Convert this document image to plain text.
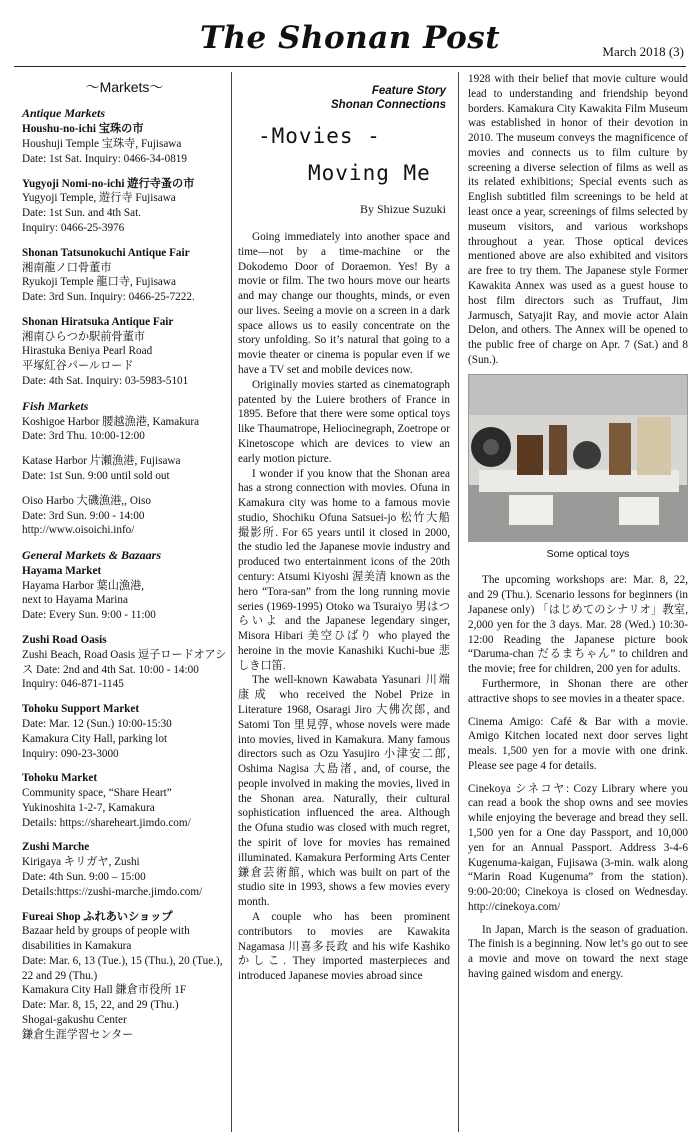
The Shonan Post	March 2018 (3)
〜Markets〜
Antique Markets
Houshu-no-ichi 宝珠の市
Houshuji Temple 宝珠寺, Fujisawa
Date: 1st Sat. Inquiry: 0466-34-0819
Yugyoji Nomi-no-ichi 遊行寺蚤の市
Yugyoji Temple, 遊行寺 Fujisawa
Date: 1st Sun. and 4th Sat.
Inquiry: 0466-25-3976
Shonan Tatsunokuchi Antique Fair
湘南龍ノ口骨董市
Ryukoji Temple 龍口寺, Fujisawa
Date: 3rd Sun. Inquiry: 0466-25-7222.
Shonan Hiratsuka Antique Fair
湘南ひらつか駅前骨董市
Hirastuka Beniya Pearl Road
平塚紅谷パールロード
Date: 4th Sat. Inquiry: 03-5983-5101
Fish Markets
Koshigoe Harbor 腰越漁港, Kamakura
Date: 3rd Thu. 10:00-12:00
Katase Harbor 片瀬漁港, Fujisawa
Date: 1st Sun. 9:00 until sold out
Oiso Harbo 大磯漁港,, Oiso
Date: 3rd Sun. 9:00 - 14:00
http://www.oisoichi.info/
General Markets & Bazaars
Hayama Market
Hayama Harbor 葉山漁港,
next to Hayama Marina
Date: Every Sun. 9:00 - 11:00
Zushi Road Oasis
Zushi Beach, Road Oasis 逗子ロードオアシス Date: 2nd and 4th Sat. 10:00 - 14:00
Inquiry: 046-871-1145
Tohoku Support Market
Date: Mar. 12 (Sun.) 10:00-15:30
Kamakura City Hall, parking lot
Inquiry: 090-23-3000
Tohoku Market
Community space, “Share Heart”
Yukinoshita 1-2-7, Kamakura
Details: https://shareheart.jimdo.com/
Zushi Marche
Kirigaya キリガヤ, Zushi
Date: 4th Sun. 9:00 – 15:00
Details:https://zushi-marche.jimdo.com/
Fureai Shop ふれあいショップ
Bazaar held by groups of people with disabilities in Kamakura
Date: Mar. 6, 13 (Tue.), 15 (Thu.), 20 (Tue.), 22 and 29 (Thu.)
Kamakura City Hall 鎌倉市役所 1F
Date: Mar. 8, 15, 22, and 29 (Thu.)
Shogai-gakushu Center
鎌倉生涯学習センター
Feature Story
Shonan Connections
-Movies -
Moving Me
By Shizue Suzuki

Going immediately into another space and time—not by a time-machine or the Dokodemo Door of Doraemon. Yes! By a movie or film. The two hours move our hearts and may change our thoughts, minds, or even our lives. Seeing a movie on a screen in a dark space allows us to easily concentrate on the story unfolding. So it’s natural that going to a movie theater or cinema is popular even if we have a TV set and mobile devices now.

Originally movies started as cinematograph patented by the Luiere brothers of France in 1895. Before that there were some optical toys like Thaumatrope, Heliocinegraph, Zoetrope or Kinetoscope which are devices to view an early motion picture.

I wonder if you know that the Shonan area has a strong connection with movies. Ofuna in Kamakura city was home to a famous movie studio, Shochiku Ofuna Satsuei-jo 松竹大船撮影所. For 65 years until it closed in 2000, the studio led the Japanese movie industry and produced two entertainment icons of the 20th century: Atsumi Kiyoshi 渥美清 known as the hero “Tora-san” from the long running movie series (1969-1995) Otoko wa Tsuraiyo 男はつらいよ and the Japanese legendary singer, Misora Hibari 美空ひばり who played the heroine in the movie Kanashiki Kuchi-bue 悲しき口笛.

The well-known Kawabata Yasunari 川端康成 who received the Nobel Prize in Literature 1968, Osaragi Jiro 大佛次郎, and Satomi Ton 里見弴, whose novels were made into movies, lived in Kamakura. Many famous directors such as Ozu Yasujiro 小津安二郎, Oshima Nagisa 大島渚, and, of course, the people involved in making the movies, lived in the Shonan area. Naturally, their cultural sophistication influenced the area. Although the Ofuna studio was closed with much regret, the spirit of love for movies has remained illuminated. Kamakura Performing Arts Center 鎌倉芸術館, which was built on part of the studio site in 1993, shows a few movies every month.

A couple who has been prominent contributors to movies are Kawakita Nagamasa 川喜多長政 and his wife Kashiko かしこ. They imported masterpieces and introduced Japanese movies abroad since

1928 with their belief that movie culture would lead to understanding and friendship beyond borders. Kamakura City Kawakita Film Museum was established in honor of their devotion in 2010. The museum conveys the magnificence of movies and connects us to film culture by screening a diverse selection of films as well as its related exhibitions; Special events such as English subtitled film screenings to be held at least once a year, screenings of films selected by museum visitors, and various workshops throughout a year. Those optical devices mentioned above are also exhibited and visitors are free to try them. The Japanese style Former Kawakita Annex was used as a guest house to host film directors such as Truffaut, Jim Jarmusch, Satyajit Ray, and movie actor Alain Delon, and others. The Annex will be opened to the public free of charge on Apr. 7 (Sat.) and 8 (Sun.).

Some optical toys

The upcoming workshops are: Mar. 8, 22, and 29 (Thu.). Scenario lessons for beginners (in Japanese only) 「はじめてのシナリオ」教室, 2,000 yen for the 3 days. Mar. 28 (Wed.) 10:30-12:00 Reading the Japanese picture book “Daruma-chan だるまちゃん” to children and the movie; free for children, 200 yen for adults.

Furthermore, in Shonan there are other attractive shops to see movies in a theater space.

Cinema Amigo: Café & Bar with a movie. Amigo Kitchen located next door serves light meals. 1,500 yen for a movie with one drink. Please see page 4 for details.

Cinekoya シネコヤ: Cozy Library where you can read a book the shop owns and see movies while enjoying the beverage and bread they sell. 1,500 yen for a One day Passport, and 10,000 yen for an Annual Passport. Address 3-4-6 Kugenuma-kaigan, Fujisawa (3-min. walk along “Marin Road Kugenuma” from the station). 9:00-20:00; Cinekoya is closed on Wednesday. http://cinekoya.com/

In Japan, March is the season of graduation. The finish is a beginning. Now let’s go out to see a movie and move on toward the next stage having gained wisdom and energy.
